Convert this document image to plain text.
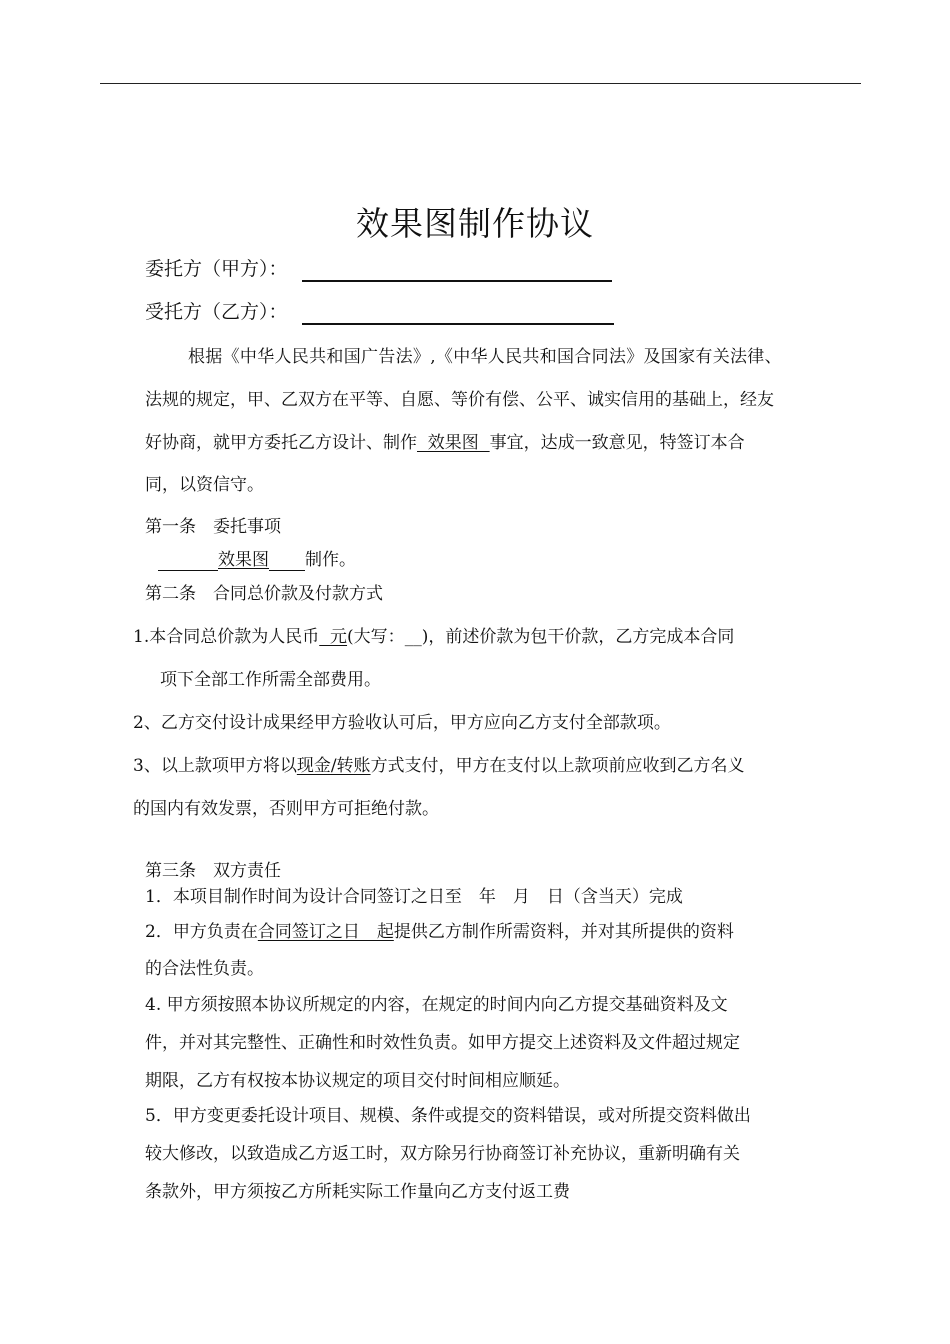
效果图制作协议
委托方（甲方）：
受托方（乙方）：
根据《中华人民共和国广告法》,《中华人民共和国合同法》及国家有关法律、
法规的规定，甲、乙双方在平等、自愿、等价有偿、公平、诚实信用的基础上，经友
好协商，就甲方委托乙方设计、制作  效果图  事宜，达成一致意见，特签订本合
同，以资信守。
第一条　委托事项
效果图 制作。
第二条　合同总价款及付款方式
1.本合同总价款为人民币  元(大写：__)，前述价款为包干价款，乙方完成本合同
项下全部工作所需全部费用。
2、乙方交付设计成果经甲方验收认可后，甲方应向乙方支付全部款项。
3、以上款项甲方将以现金/转账方式支付，甲方在支付以上款项前应收到乙方名义
的国内有效发票，否则甲方可拒绝付款。
第三条　双方责任
1．本项目制作时间为设计合同签订之日至　年　月　日（含当天）完成
2．甲方负责在合同签订之日　起提供乙方制作所需资料，并对其所提供的资料
的合法性负责。
4. 甲方须按照本协议所规定的内容，在规定的时间内向乙方提交基础资料及文
件，并对其完整性、正确性和时效性负责。如甲方提交上述资料及文件超过规定
期限，乙方有权按本协议规定的项目交付时间相应顺延。
5．甲方变更委托设计项目、规模、条件或提交的资料错误，或对所提交资料做出
较大修改，以致造成乙方返工时，双方除另行协商签订补充协议，重新明确有关
条款外，甲方须按乙方所耗实际工作量向乙方支付返工费
